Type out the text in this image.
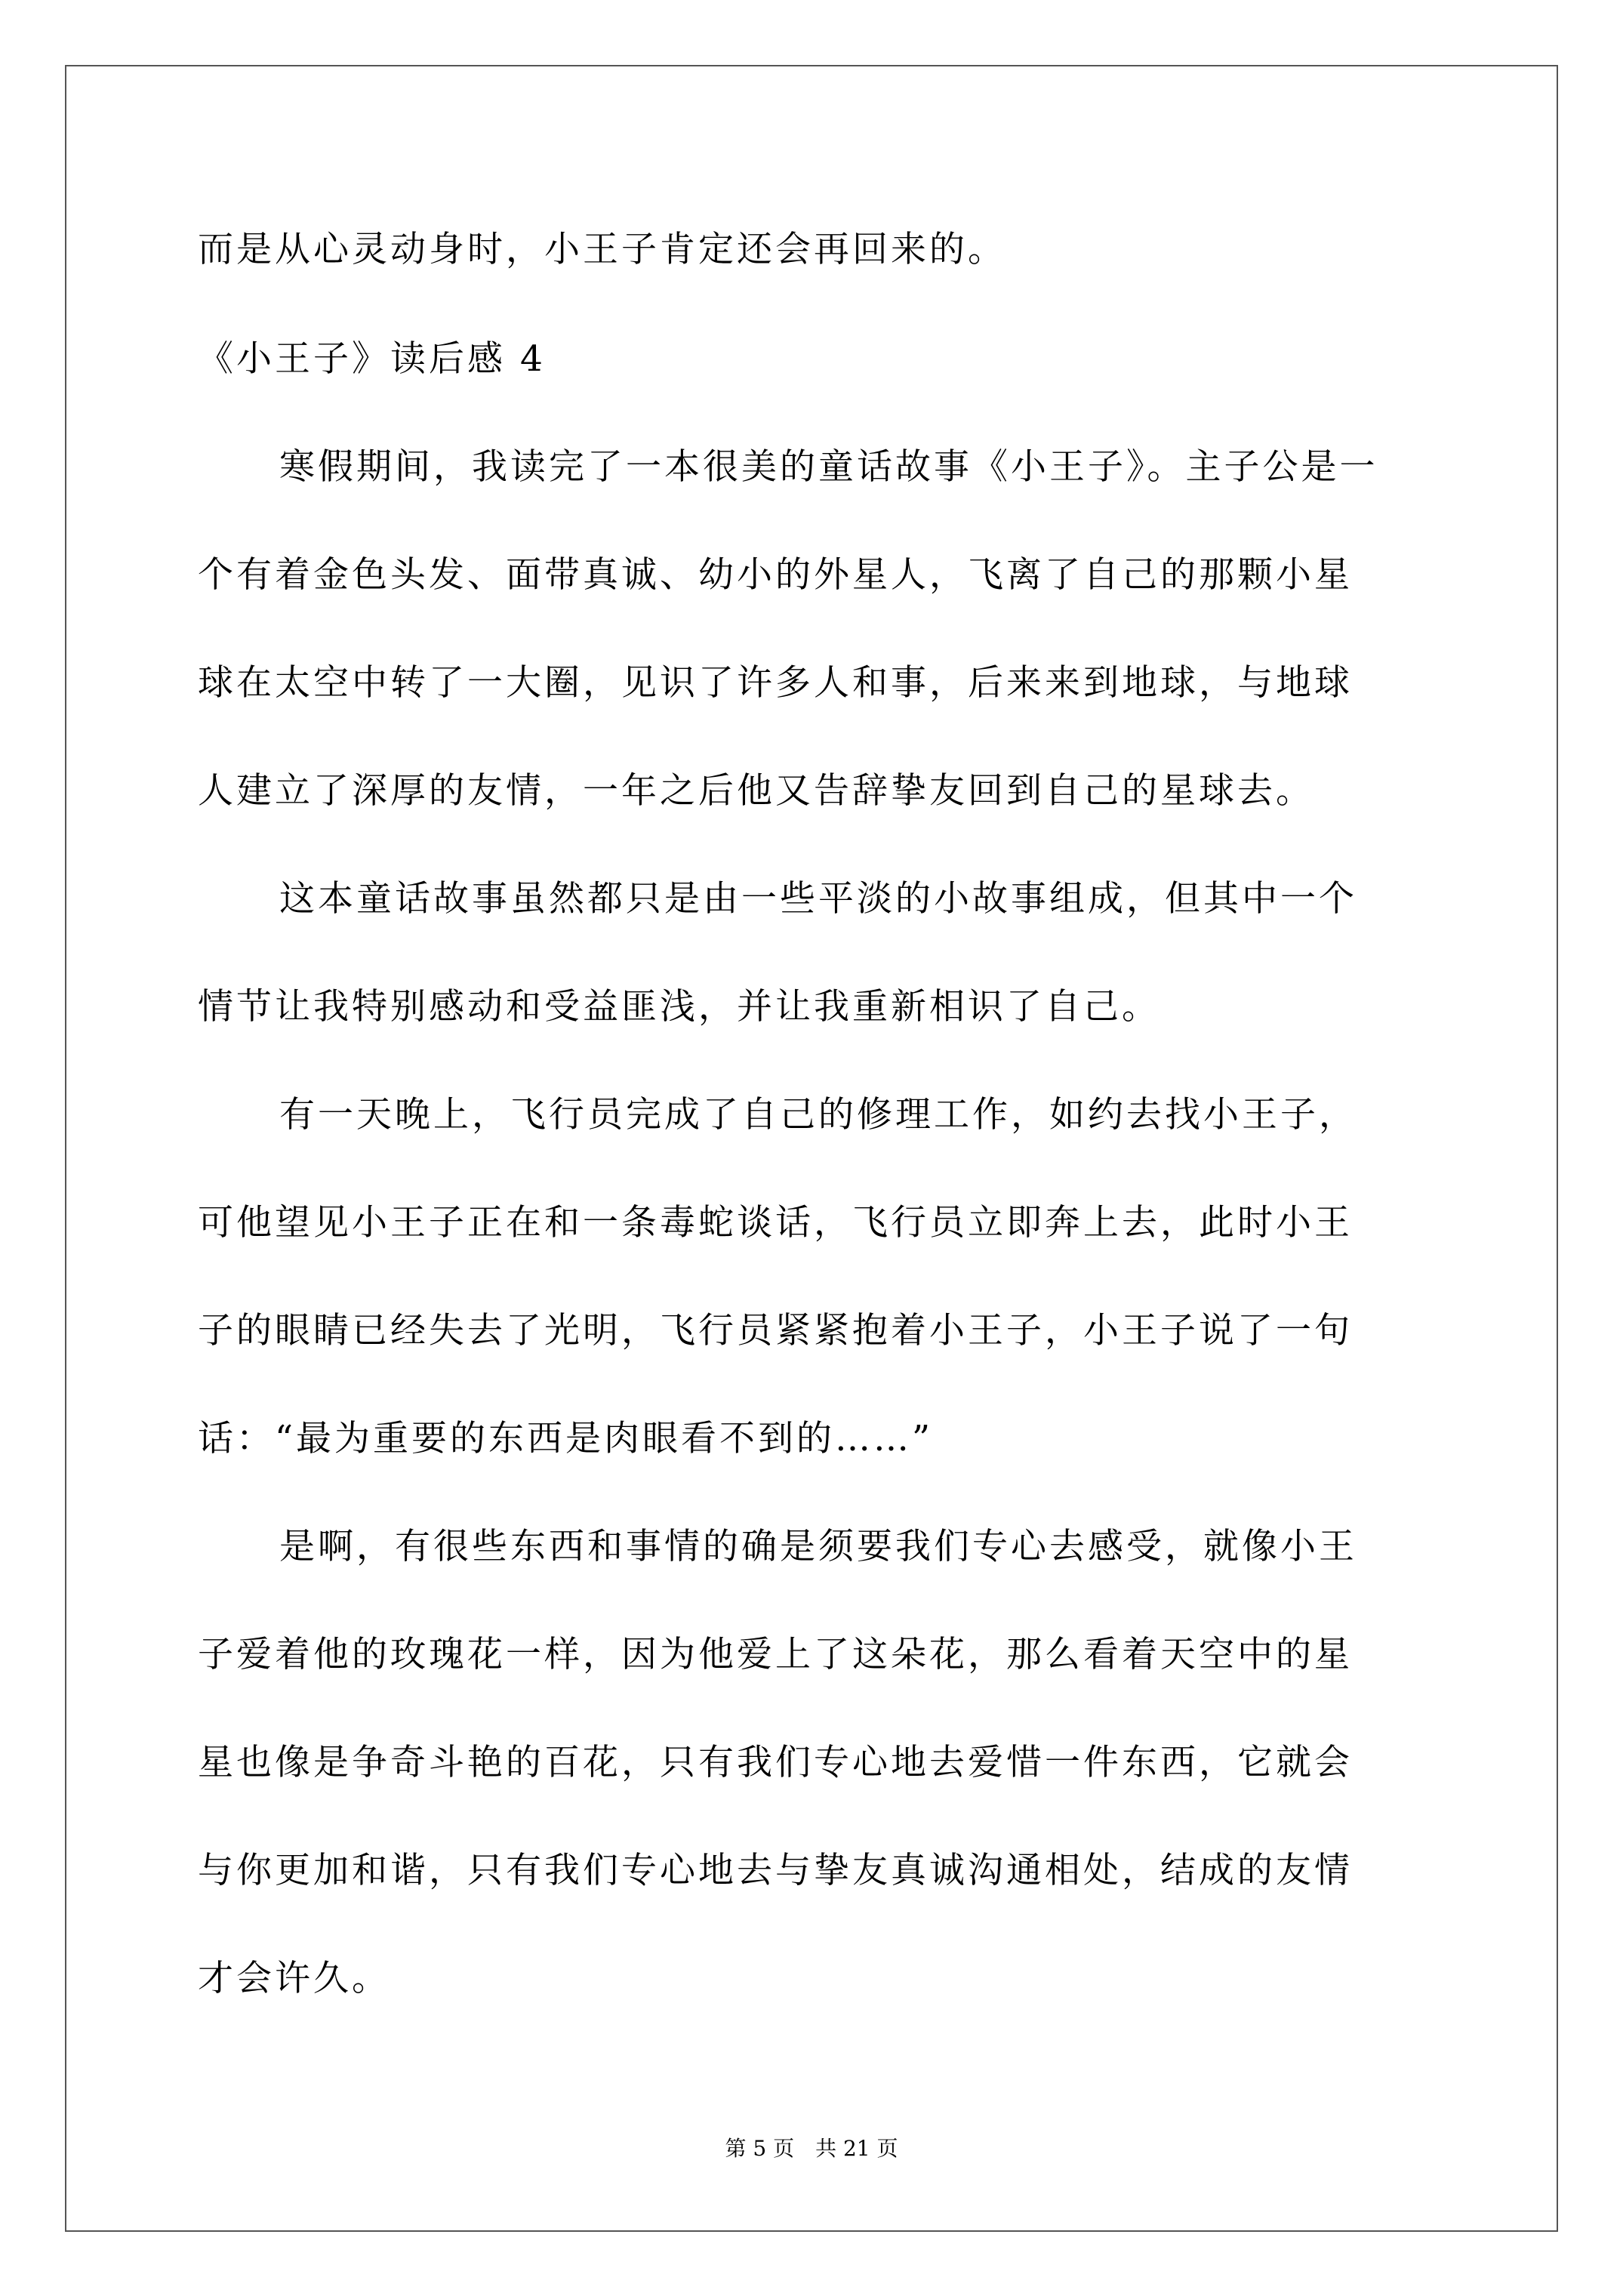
而是从心灵动身时，小王子肯定还会再回来的。
《小王子》读后感 4
寒假期间，我读完了一本很美的童话故事《小王子》。主子公是一
个有着金色头发、面带真诚、幼小的外星人，飞离了自己的那颗小星
球在太空中转了一大圈，见识了许多人和事，后来来到地球，与地球
人建立了深厚的友情，一年之后他又告辞挚友回到自己的星球去。
这本童话故事虽然都只是由一些平淡的小故事组成，但其中一个
情节让我特别感动和受益匪浅，并让我重新相识了自己。
有一天晚上，飞行员完成了自己的修理工作，如约去找小王子，
可他望见小王子正在和一条毒蛇谈话，飞行员立即奔上去，此时小王
子的眼睛已经失去了光明，飞行员紧紧抱着小王子，小王子说了一句
话：“最为重要的东西是肉眼看不到的……”
是啊，有很些东西和事情的确是须要我们专心去感受，就像小王
子爱着他的玫瑰花一样，因为他爱上了这朵花，那么看着天空中的星
星也像是争奇斗艳的百花，只有我们专心地去爱惜一件东西，它就会
与你更加和谐，只有我们专心地去与挚友真诚沟通相处，结成的友情
才会许久。
第 5 页　共 21 页
